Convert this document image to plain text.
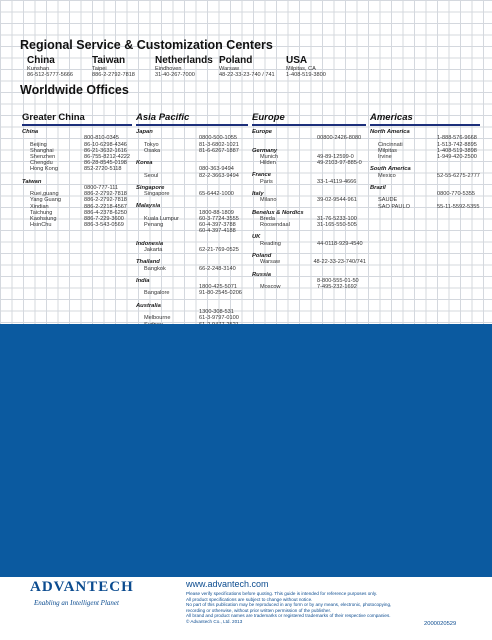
Regional Service & Customization Centers
China
Kunshan
86-512-5777-5666
Taiwan
Taipei
886-2-2792-7818
Netherlands
Eindhoven
31-40-267-7000
Poland
Warsaw
48-22-33-23-740 / 741
USA
Milpitas, CA
1-408-519-3800
Worldwide Offices
Greater China
China
800-810-0345
Beijing	86-10-6298-4346
Shanghai	86-21-3632-1616
Shenzhen	86-755-8212-4222
Chengdu	86-28-8545-0198
Hong Kong	852-2720-5118
Taiwan
0800-777-111
Ruei,guang	886-2-2792-7818
Yang Guang	886-2-2792-7818
Xindian	886-2-2218-4567
Taichung	886-4-2378-6250
Kaohsiung	886-7-229-3600
HsinChu	886-3-543-0569
Asia Pacific
Japan
0800-500-1055
Tokyo	81-3-6802-1021
Osaka	81-6-6267-1887
Korea
080-363-9494
Seoul	82-2-3663-9494
Singapore
Singapore	65-6442-1000
Malaysia
1800-88-1809
Kuala Lumpur	60-3-7724-3555
Penang	60-4-397-3788
60-4-397-4188
Indonesia
Jakarta	62-21-769-0525
Thailand
Bangkok	66-2-248-3140
India
1800-425-5071
Bangalore	91-80-2545-0206
Australia
1300-308-531
Melbourne	61-3-9797-0100
Europe
Europe
00800-2426-8080
Germany
Munich	49-89-12599-0
Hilden	49-2103-97-885-0
France
Paris	33-1-4119-4666
Italy
Milano	39-02-9544-961
Benelux & Nordics
Breda	31-76-5233-100
Roosendaal	31-165-550-505
UK
Reading	44-0118-929-4540
Poland
Warsaw	48-22-33-23-740/741
Russia
8-800-555-01-50
Moscow	7-495-232-1692
Americas
North America
1-888-576-9668
Cincinnati	1-513-742-8895
Milpitas	1-408-519-3898
Irvine	1-949-420-2500
South America
Mexico	52-55-6275-2777
Brazil
0800-770-5355
SAÚDE
SÃO PAULO	55-11-5592-5355
ADVANTECH
Enabling an Intelligent Planet
www.advantech.com
Please verify specifications before quoting. This guide is intended for reference purposes only.
All product specifications are subject to change without notice.
No part of this publication may be reproduced in any form or by any means, electronic, photocopying,
recording or otherwise, without prior written permission of the publisher.
All brand and product names are trademarks or registered trademarks of their respective companies.
© Advantech Co., Ltd. 2013	2000020529
